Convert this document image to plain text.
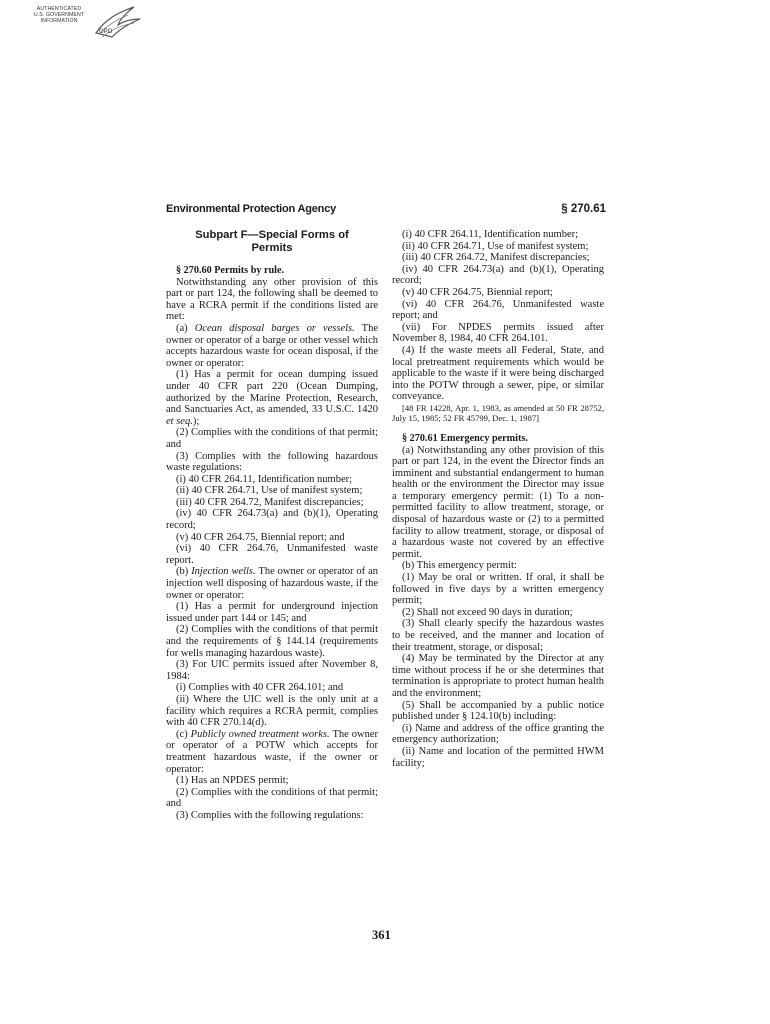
AUTHENTICATED
U.S. GOVERNMENT
INFORMATION
GPO
Environmental Protection Agency	§ 270.61
Subpart F—Special Forms of Permits

§ 270.60 Permits by rule.

Notwithstanding any other provision of this part or part 124, the following shall be deemed to have a RCRA permit if the conditions listed are met:

(a) Ocean disposal barges or vessels. The owner or operator of a barge or other vessel which accepts hazardous waste for ocean disposal, if the owner or operator:

(1) Has a permit for ocean dumping issued under 40 CFR part 220 (Ocean Dumping, authorized by the Marine Protection, Research, and Sanctuaries Act, as amended, 33 U.S.C. 1420 et seq.);

(2) Complies with the conditions of that permit; and

(3) Complies with the following hazardous waste regulations:

(i) 40 CFR 264.11, Identification number;

(ii) 40 CFR 264.71, Use of manifest system;

(iii) 40 CFR 264.72, Manifest discrepancies;

(iv) 40 CFR 264.73(a) and (b)(1), Operating record;

(v) 40 CFR 264.75, Biennial report; and

(vi) 40 CFR 264.76, Unmanifested waste report.

(b) Injection wells. The owner or operator of an injection well disposing of hazardous waste, if the owner or operator:

(1) Has a permit for underground injection issued under part 144 or 145; and

(2) Complies with the conditions of that permit and the requirements of § 144.14 (requirements for wells managing hazardous waste).

(3) For UIC permits issued after November 8, 1984:

(i) Complies with 40 CFR 264.101; and

(ii) Where the UIC well is the only unit at a facility which requires a RCRA permit, complies with 40 CFR 270.14(d).

(c) Publicly owned treatment works. The owner or operator of a POTW which accepts for treatment hazardous waste, if the owner or operator:

(1) Has an NPDES permit;

(2) Complies with the conditions of that permit; and

(3) Complies with the following regulations:

(i) 40 CFR 264.11, Identification number;

(ii) 40 CFR 264.71, Use of manifest system;

(iii) 40 CFR 264.72, Manifest discrepancies;

(iv) 40 CFR 264.73(a) and (b)(1), Operating record;

(v) 40 CFR 264.75, Biennial report;

(vi) 40 CFR 264.76, Unmanifested waste report; and

(vii) For NPDES permits issued after November 8, 1984, 40 CFR 264.101.

(4) If the waste meets all Federal, State, and local pretreatment requirements which would be applicable to the waste if it were being discharged into the POTW through a sewer, pipe, or similar conveyance.

[48 FR 14228, Apr. 1, 1983, as amended at 50 FR 28752, July 15, 1985; 52 FR 45799, Dec. 1, 1987]

§ 270.61 Emergency permits.

(a) Notwithstanding any other provision of this part or part 124, in the event the Director finds an imminent and substantial endangerment to human health or the environment the Director may issue a temporary emergency permit: (1) To a non-permitted facility to allow treatment, storage, or disposal of hazardous waste or (2) to a permitted facility to allow treatment, storage, or disposal of a hazardous waste not covered by an effective permit.

(b) This emergency permit:

(1) May be oral or written. If oral, it shall be followed in five days by a written emergency permit;

(2) Shall not exceed 90 days in duration;

(3) Shall clearly specify the hazardous wastes to be received, and the manner and location of their treatment, storage, or disposal;

(4) May be terminated by the Director at any time without process if he or she determines that termination is appropriate to protect human health and the environment;

(5) Shall be accompanied by a public notice published under § 124.10(b) including:

(i) Name and address of the office granting the emergency authorization;

(ii) Name and location of the permitted HWM facility;

361
